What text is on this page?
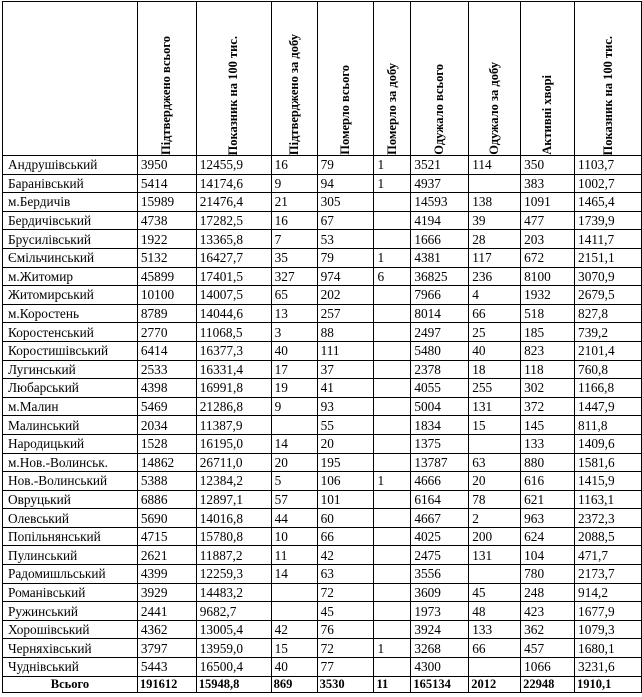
	Підтверджено всього	Показник на 100 тис.	Підтверджено за добу	Померло всього	Померло за добу	Одужало всього	Одужало за добу	Активні хворі	Показник на 100 тис.

Андрушівський	3950	12455,9	16	79	1	3521	114	350	1103,7
Баранівський	5414	14174,6	9	94	1	4937		383	1002,7
м.Бердичів	15989	21476,4	21	305		14593	138	1091	1465,4
Бердичівський	4738	17282,5	16	67		4194	39	477	1739,9
Брусилівський	1922	13365,8	7	53		1666	28	203	1411,7
Ємільчинський	5132	16427,7	35	79	1	4381	117	672	2151,1
м.Житомир	45899	17401,5	327	974	6	36825	236	8100	3070,9
Житомирський	10100	14007,5	65	202		7966	4	1932	2679,5
м.Коростень	8789	14044,6	13	257		8014	66	518	827,8
Коростенський	2770	11068,5	3	88		2497	25	185	739,2
Коростишівський	6414	16377,3	40	111		5480	40	823	2101,4
Лугинський	2533	16331,4	17	37		2378	18	118	760,8
Любарський	4398	16991,8	19	41		4055	255	302	1166,8
м.Малин	5469	21286,8	9	93		5004	131	372	1447,9
Малинський	2034	11387,9		55		1834	15	145	811,8
Народицький	1528	16195,0	14	20		1375		133	1409,6
м.Нов.-Волинськ.	14862	26711,0	20	195		13787	63	880	1581,6
Нов.-Волинський	5388	12384,2	5	106	1	4666	20	616	1415,9
Овруцький	6886	12897,1	57	101		6164	78	621	1163,1
Олевський	5690	14016,8	44	60		4667	2	963	2372,3
Попільнянський	4715	15780,8	10	66		4025	200	624	2088,5
Пулинський	2621	11887,2	11	42		2475	131	104	471,7
Радомишльський	4399	12259,3	14	63		3556		780	2173,7
Романівський	3929	14483,2		72		3609	45	248	914,2
Ружинський	2441	9682,7		45		1973	48	423	1677,9
Хорошівський	4362	13005,4	42	76		3924	133	362	1079,3
Черняхівський	3797	13959,0	15	72	1	3268	66	457	1680,1
Чуднівський	5443	16500,4	40	77		4300		1066	3231,6
Всього	191612	15948,8	869	3530	11	165134	2012	22948	1910,1
